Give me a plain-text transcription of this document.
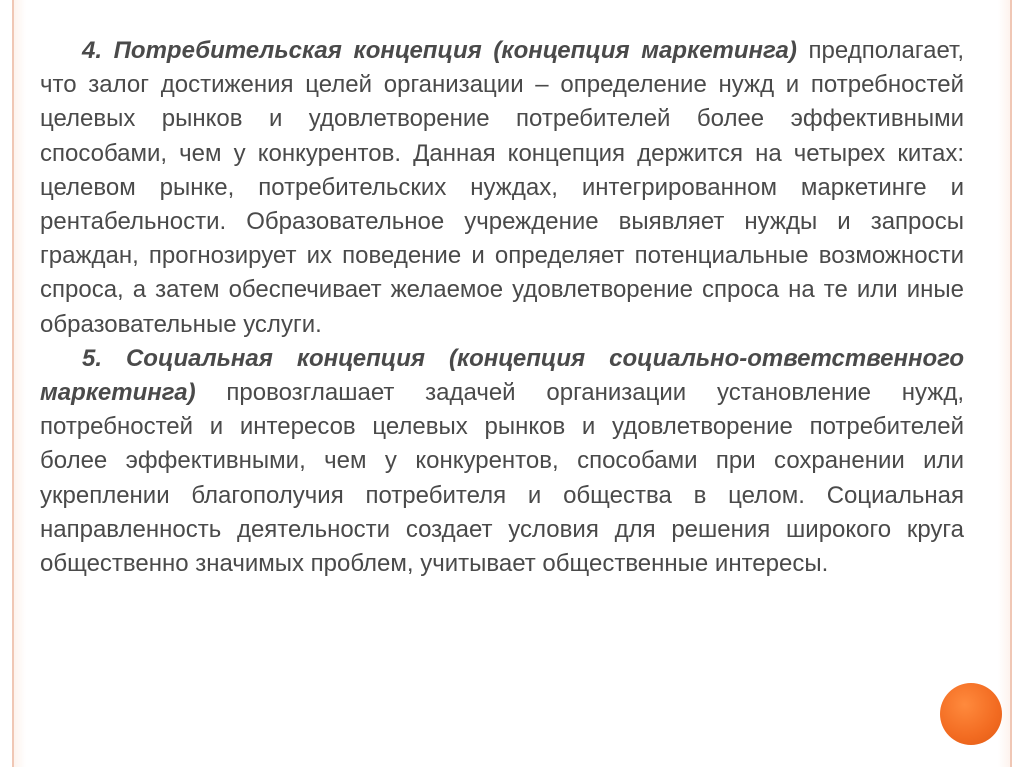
4. Потребительская концепция (концепция маркетинга) предполагает, что залог достижения целей организации – определение нужд и потребностей целевых рынков и удовлетворение потребителей более эффективными способами, чем у конкурентов. Данная концепция держится на четырех китах: целевом рынке, потребительских нуждах, интегрированном маркетинге и рентабельности. Образовательное учреждение выявляет нужды и запросы граждан, прогнозирует их поведение и определяет потенциальные возможности спроса, а затем обеспечивает желаемое удовлетворение спроса на те или иные образовательные услуги.

5. Социальная концепция (концепция социально-ответственного маркетинга) провозглашает задачей организации установление нужд, потребностей и интересов целевых рынков и удовлетворение потребителей более эффективными, чем у конкурентов, способами при сохранении или укреплении благополучия потребителя и общества в целом. Социальная направленность деятельности создает условия для решения широкого круга общественно значимых проблем, учитывает общественные интересы.
